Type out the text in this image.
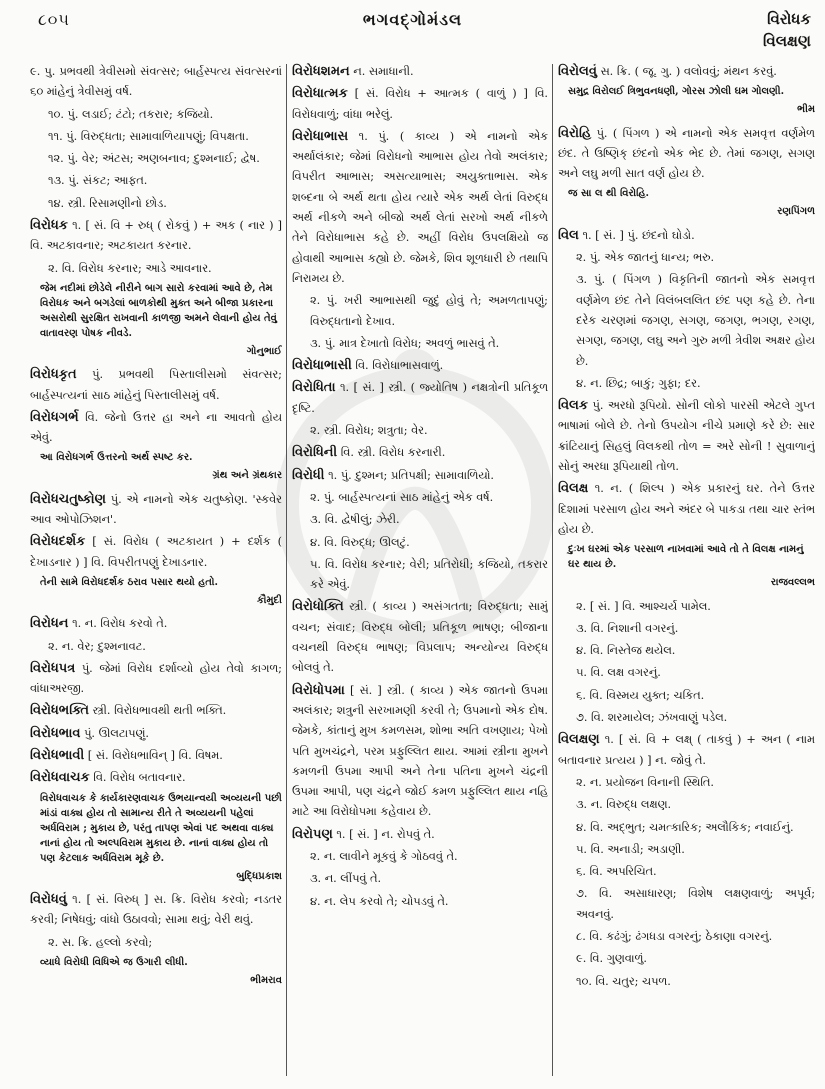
૮૦૫	ભગવદ્ગોમંડલ	વિરોધક
વિલક્ષણ
૯. પુ. પ્રભવથી ત્રેવીસમો સંવત્સર; બાર્હસ્પત્ય સંવત્સરનાં ૬૦ માંહેનું ત્રેવીસમું વર્ષ.
૧૦. પું. લડાઈ; ટંટો; તકરાર; કજિયો.
૧૧. પું. વિરુદ્ધતા; સામાવાળિયાપણું; વિપક્ષતા.
૧૨. પું. વેર; અંટસ; અણબનાવ; દુશ્મનાઈ; દ્વેષ.
૧૩. પું. સંકટ; આફત.
૧૪. સ્ત્રી. રિસામણીનો છોડ.
વિરોધક ૧. [ સં. વિ + રુધ્ ( રોકવું ) + અક ( નાર ) ] વિ. અટકાવનાર; અટકાયત કરનાર.
૨. વિ. વિરોધ કરનાર; આડે આવનાર.
જેમ નદીમાં છોડેલે નીરીને બાગ સારો કરવામાં આવે છે, તેમ વિરોધક અને બગડેલાં બાળકોથી મુક્ત અને બીજા પ્રકારના અસરોથી સુરક્ષિત રાખવાની કાળજી અમને લેવાની હોય તેવું વાતાવરણ પોષક નીવડે.
ગોનુભાઈ
વિરોધકૃત પું. પ્રભવથી પિસ્તાલીસમો સંવત્સર; બાર્હસ્પત્યનાં સાઠ માંહેનું પિસ્તાલીસમું વર્ષ.
વિરોધગર્ભ વિ. જેનો ઉત્તર હા અને ના આવતો હોય એવું.
આ વિરોધગર્ભ ઉત્તરનો અર્થ સ્પષ્ટ કર.
ગ્રંથ અને ગ્રંથકાર
વિરોધચતુષ્કોણ પું. એ નામનો એક ચતુષ્કોણ. 'સ્કવેર આવ ઓપોઝિશન'.
વિરોધદર્શક [ સં. વિરોધ ( અટકાયત ) + દર્શક ( દેખાડનાર ) ] વિ. વિપરીતપણું દેખાડનાર.
તેની સામે વિરોધદર્શક ઠરાવ પસાર થયો હતો.
કૌમુદી
વિરોધન ૧. ન. વિરોધ કરવો તે.
૨. ન. વેર; દુશ્મનાવટ.
વિરોધપત્ર પું. જેમાં વિરોધ દર્શાવ્યો હોય તેવો કાગળ; વાંધાઅરજી.
વિરોધભક્તિ સ્ત્રી. વિરોધભાવથી થતી ભક્તિ.
વિરોધભાવ પું. ઊલટાપણું.
વિરોધભાવી [ સં. વિરોધભાવિન્ ] વિ. વિષમ.
વિરોધવાચક વિ. વિરોધ બતાવનાર.
વિરોધવાચક કે કાર્યકારણવાચક ઉભયાન્વયી અવ્યયની પછી માંડાં વાક્ય હોય તો સામાન્ય રીતે તે અવ્યયની પહેલાં અર્ધવિરામ ; મુકાય છે, પરંતુ તાપણ એવાં પદ અથવા વાક્ય નાનાં હોય તો અલ્પવિરામ મુકાય છે. નાનાં વાક્ય હોય તો પણ કેટલાક અર્ધવિરામ મૂકે છે.
બુદ્ધિપ્રકાશ
વિરોધવું ૧. [ સં. વિરુધ્ ] સ. ક્રિ. વિરોધ કરવો; નડતર કરવી; નિષેધવું; વાંધો ઉઠાવવો; સામા થવું; વેરી થવું.
૨. સ. ક્રિ. હલ્લો કરવો;
વ્યાધે વિરોધી વિધિએ જ ઉગારી લીધી.
ભીમરાવ
વિરોધશમન ન. સમાધાની.
વિરોધાત્મક [ સં. વિરોધ + આત્મક ( વાળું ) ] વિ. વિરોધવાળું; વાંધા ભરેલું.
વિરોધાભાસ ૧. પું. ( કાવ્ય ) એ નામનો એક અર્થાલંકાર; જેમાં વિરોધનો આભાસ હોય તેવો અલંકાર; વિપરીત આભાસ; અસત્યાભાસ; અયુક્તાભાસ. એક શબ્દના બે અર્થ થતા હોય ત્યારે એક અર્થ લેતાં વિરુદ્ધ અર્થ નીકળે અને બીજો અર્થ લેતાં સરખો અર્થ નીકળે તેને વિરોધાભાસ કહે છે. અહીં વિરોધ ઉપલક્ષિયો જ હોવાથી આભાસ કહ્યો છે. જેમકે, શિવ શૂળધારી છે તથાપિ નિરામય છે.
૨. પું. ખરી આભાસથી જુદું હોવું તે; અમળતાપણું; વિરુદ્ધતાનો દેખાવ.
૩. પું. માત્ર દેખાતો વિરોધ; અવળું ભાસવું તે.
વિરોધાભાસી વિ. વિરોધાભાસવાળું.
વિરોધિતા ૧. [ સં. ] સ્ત્રી. ( જ્યોતિષ ) નક્ષત્રોની પ્રતિકૂળ દૃષ્ટિ.
૨. સ્ત્રી. વિરોધ; શત્રુતા; વેર.
વિરોધિની વિ. સ્ત્રી. વિરોધ કરનારી.
વિરોધી ૧. પું. દુશ્મન; પ્રતિપક્ષી; સામાવાળિયો.
૨. પું. બાર્હસ્પત્યનાં સાઠ માંહેનું એક વર્ષ.
૩. વિ. દ્વેષીલું; ઝેરી.
૪. વિ. વિરુદ્ધ; ઊલટું.
૫. વિ. વિરોધ કરનાર; વેરી; પ્રતિરોધી; કજિયો, તકરાર કરે એવું.
વિરોધોક્તિ સ્ત્રી. ( કાવ્ય ) અસંગતતા; વિરુદ્ધતા; સામું વચન; સંવાદ; વિરુદ્ધ બોલી; પ્રતિકૂળ ભાષણ; બીજાના વચનથી વિરુદ્ધ ભાષણ; વિપ્રલાપ; અન્યોન્ય વિરુદ્ધ બોલવું તે.
વિરોધોપમા [ સં. ] સ્ત્રી. ( કાવ્ય ) એક જાતનો ઉપમા અલંકાર; શત્રુની સરખામણી કરવી તે; ઉપમાનો એક દોષ. જેમકે, કાંતાનું મુખ કમળસમ, શોભા અતિ વખણાય; પેખો પતિ મુખચંદ્રને, પરમ પ્રફુલ્લિત થાય. આમાં સ્ત્રીના મુખને કમળની ઉપમા આપી અને તેના પતિના મુખને ચંદ્રની ઉપમા આપી, પણ ચંદ્રને જોઈ કમળ પ્રફુલ્લિત થાય નહિ માટે આ વિરોધોપમા કહેવાય છે.
વિરોપણ ૧. [ સં. ] ન. રોપવું તે.
૨. ન. લાવીને મૂકવું કે ગોઠવવું તે.
૩. ન. લીંપવું તે.
૪. ન. લેપ કરવો તે; ચોપડવું તે.
વિરોલવું સ. ક્રિ. ( જૂ. ગુ. ) વલોવવું; મંથન કરવું.
સમુદ્ર વિરોલઈ ત્રિભુવનધણી, ગોરસ ઝોલી ઘમ ગોલણી.
ભીમ
વિરોહિ પું. ( પિંગળ ) એ નામનો એક સમવૃત્ત વર્ણમેળ છંદ. તે ઉષ્ણિક્ છંદનો એક ભેદ છે. તેમાં જગણ, સગણ અને લઘુ મળી સાત વર્ણ હોય છે.
જ સા લ થી વિરોહિ.
રણપિંગળ
વિલ ૧. [ સં. ] પું. છંદનો ઘોડો.
૨. પું. એક જાતનું ધાન્ય; ભરુ.
૩. પું. ( પિંગળ ) વિકૃતિની જાતનો એક સમવૃત્ત વર્ણમેળ છંદ તેને વિલંબલલિત છંદ પણ કહે છે. તેના દરેક ચરણમાં જગણ, સગણ, જગણ, ભગણ, રગણ, સગણ, જગણ, લઘુ અને ગુરુ મળી ત્રેવીશ અક્ષર હોય છે.
૪. ન. છિદ્ર; બાકું; ગુફા; દર.
વિલક પું. અરધો રૂપિયો. સોની લોકો પારસી એટલે ગુપ્ત ભાષામાં બોલે છે. તેનો ઉપયોગ નીચે પ્રમાણે કરે છે: સાર ક્રાંટિયાનું સિહલું વિલકથી તોળ = અરે સોની ! સુવાળાનું સોનું અરધા રૂપિયાથી તોળ.
વિલક્ષ ૧. ન. ( શિલ્પ ) એક પ્રકારનું ઘર. તેને ઉત્તર દિશામાં પરસાળ હોય અને અંદર બે પાકડા તથા ચાર સ્તંભ હોય છે.
દુઃખ ઘરમાં એક પરસાળ નાખવામાં આવે તો તે વિલક્ષ નામનું ઘર થાય છે.
રાજવલ્લભ
૨. [ સં. ] વિ. આશ્ચર્ય પામેલ.
૩. વિ. નિશાની વગરનું.
૪. વિ. નિસ્તેજ થયેલ.
૫. વિ. લક્ષ વગરનું.
૬. વિ. વિસ્મય યુક્ત; ચકિત.
૭. વિ. શરમાયેલ; ઝંખવાણું પડેલ.
વિલક્ષણ ૧. [ સં. વિ + લક્ષ્ ( તાકવું ) + અન ( નામ બતાવનાર પ્રત્યય ) ] ન. જોવું તે.
૨. ન. પ્રયોજન વિનાની સ્થિતિ.
૩. ન. વિરુદ્ધ લક્ષણ.
૪. વિ. અદ્ભુત; ચમત્કારિક; અલૌકિક; નવાઈનું.
૫. વિ. અનાડી; અડાણી.
૬. વિ. અપરિચિત.
૭. વિ. અસાધારણ; વિશેષ લક્ષણવાળું; અપૂર્વ; અવનવું.
૮. વિ. કઢંગું; ઢંગધડા વગરનું; ઠેકાણા વગરનું.
૯. વિ. ગુણવાળું.
૧૦. વિ. ચતુર; ચપળ.
